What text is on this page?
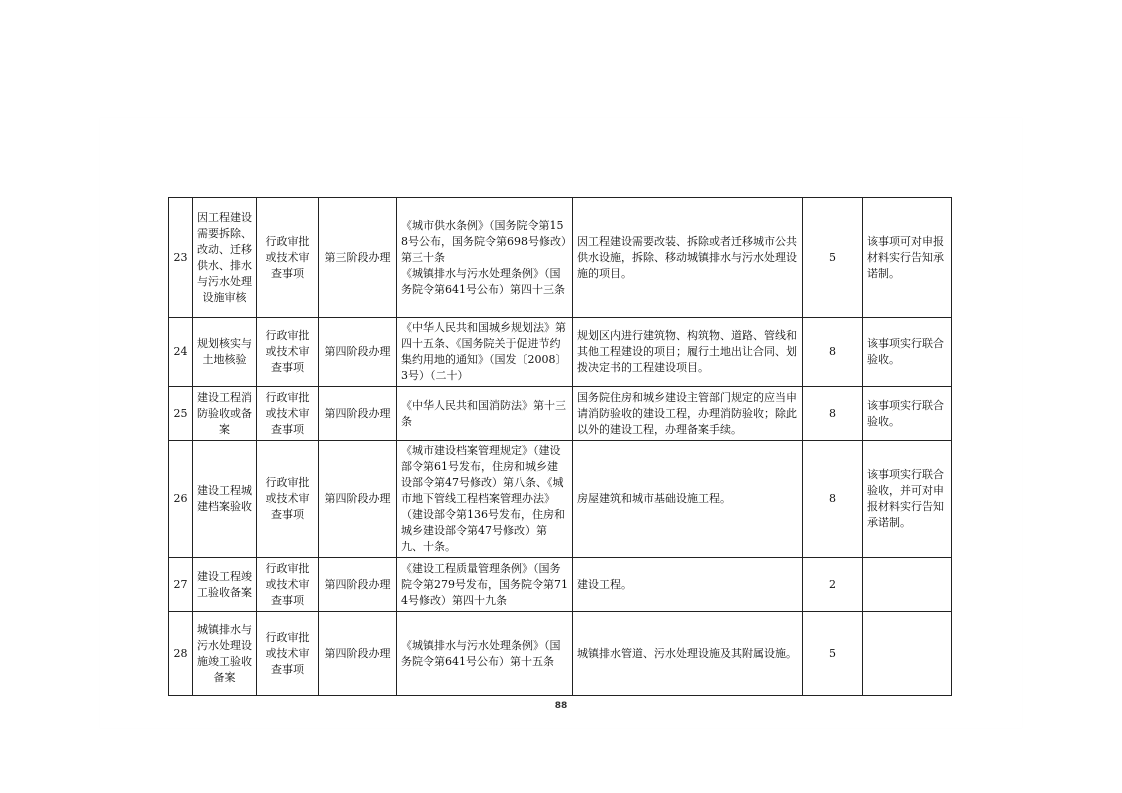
23	因工程建设需要拆除、改动、迁移供水、排水与污水处理设施审核	行政审批或技术审查事项	第三阶段办理	《城市供水条例》（国务院令第158号公布，国务院令第698号修改）第三十条
《城镇排水与污水处理条例》（国务院令第641号公布）第四十三条	因工程建设需要改装、拆除或者迁移城市公共供水设施，拆除、移动城镇排水与污水处理设施的项目。	5	该事项可对申报材料实行告知承诺制。
24	规划核实与土地核验	行政审批或技术审查事项	第四阶段办理	《中华人民共和国城乡规划法》第四十五条、《国务院关于促进节约集约用地的通知》（国发〔2008〕3号）（二十）	规划区内进行建筑物、构筑物、道路、管线和其他工程建设的项目；履行土地出让合同、划拨决定书的工程建设项目。	8	该事项实行联合验收。
25	建设工程消防验收或备案	行政审批或技术审查事项	第四阶段办理	《中华人民共和国消防法》第十三条	国务院住房和城乡建设主管部门规定的应当申请消防验收的建设工程，办理消防验收；除此以外的建设工程，办理备案手续。	8	该事项实行联合验收。
26	建设工程城建档案验收	行政审批或技术审查事项	第四阶段办理	《城市建设档案管理规定》（建设部令第61号发布，住房和城乡建设部令第47号修改）第八条、《城市地下管线工程档案管理办法》（建设部令第136号发布，住房和城乡建设部令第47号修改）第九、十条。	房屋建筑和城市基础设施工程。	8	该事项实行联合验收，并可对申报材料实行告知承诺制。
27	建设工程竣工验收备案	行政审批或技术审查事项	第四阶段办理	《建设工程质量管理条例》（国务院令第279号发布，国务院令第714号修改）第四十九条	建设工程。	2	
28	城镇排水与污水处理设施竣工验收备案	行政审批或技术审查事项	第四阶段办理	《城镇排水与污水处理条例》（国务院令第641号公布）第十五条	城镇排水管道、污水处理设施及其附属设施。	5	
88
